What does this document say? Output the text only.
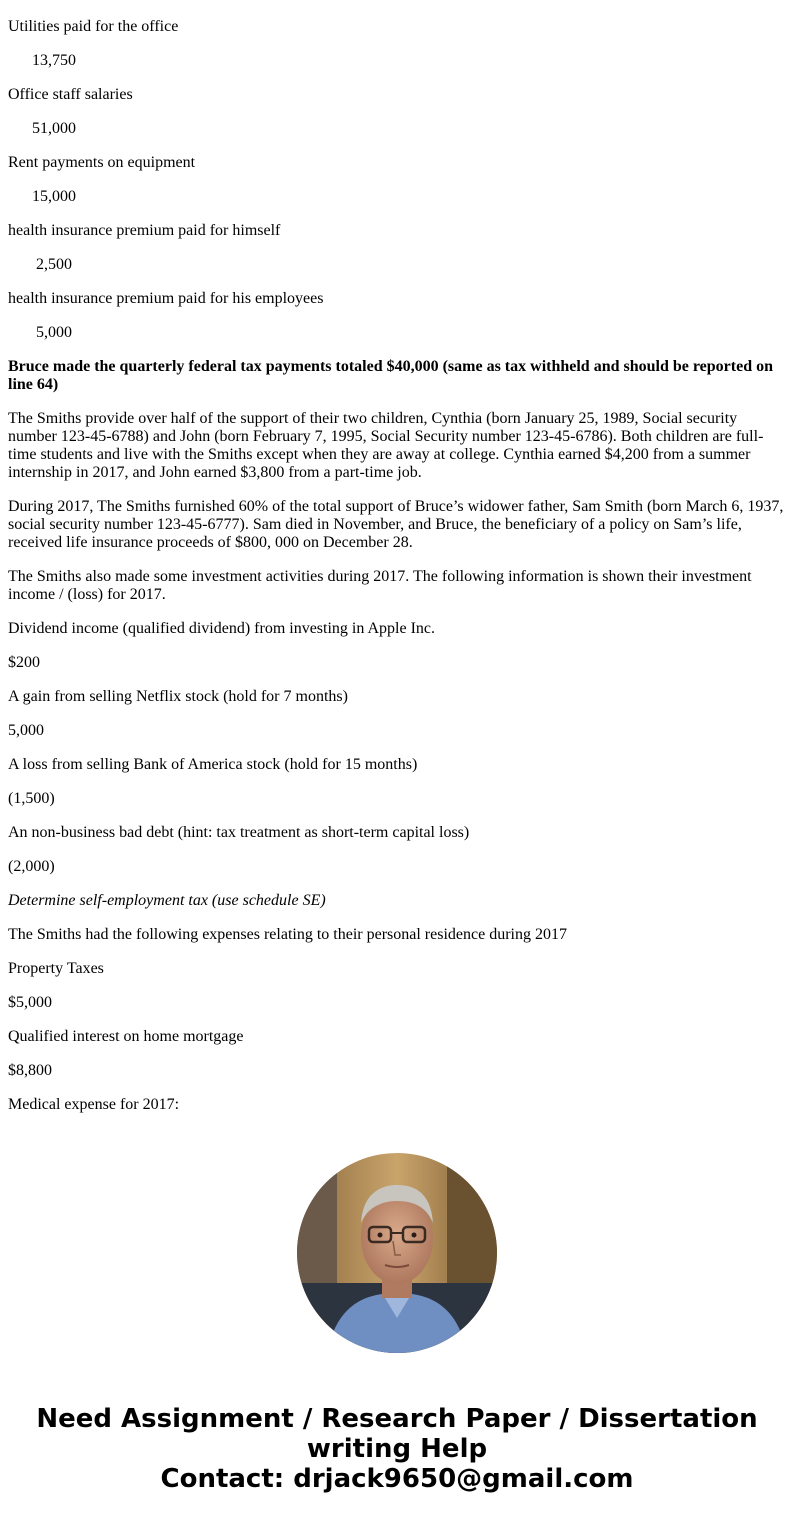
Utilities paid for the office

13,750

Office staff salaries

51,000

Rent payments on equipment

15,000

health insurance premium paid for himself

2,500

health insurance premium paid for his employees

5,000

Bruce made the quarterly federal tax payments totaled $40,000 (same as tax withheld and should be reported on line 64)

The Smiths provide over half of the support of their two children, Cynthia (born January 25, 1989, Social security number 123-45-6788) and John (born February 7, 1995, Social Security number 123-45-6786). Both children are full-time students and live with the Smiths except when they are away at college. Cynthia earned $4,200 from a summer internship in 2017, and John earned $3,800 from a part-time job.

During 2017, The Smiths furnished 60% of the total support of Bruce’s widower father, Sam Smith (born March 6, 1937, social security number 123-45-6777). Sam died in November, and Bruce, the beneficiary of a policy on Sam’s life, received life insurance proceeds of $800, 000 on December 28.

The Smiths also made some investment activities during 2017. The following information is shown their investment income / (loss) for 2017.

Dividend income (qualified dividend) from investing in Apple Inc.

$200

A gain from selling Netflix stock (hold for 7 months)

5,000

A loss from selling Bank of America stock (hold for 15 months)

(1,500)

An non-business bad debt (hint: tax treatment as short-term capital loss)

(2,000)

Determine self-employment tax (use schedule SE)

The Smiths had the following expenses relating to their personal residence during 2017

Property Taxes

$5,000

Qualified interest on home mortgage

$8,800

Medical expense for 2017:

Need Assignment / Research Paper / Dissertation
writing Help
Contact: drjack9650@gmail.com
